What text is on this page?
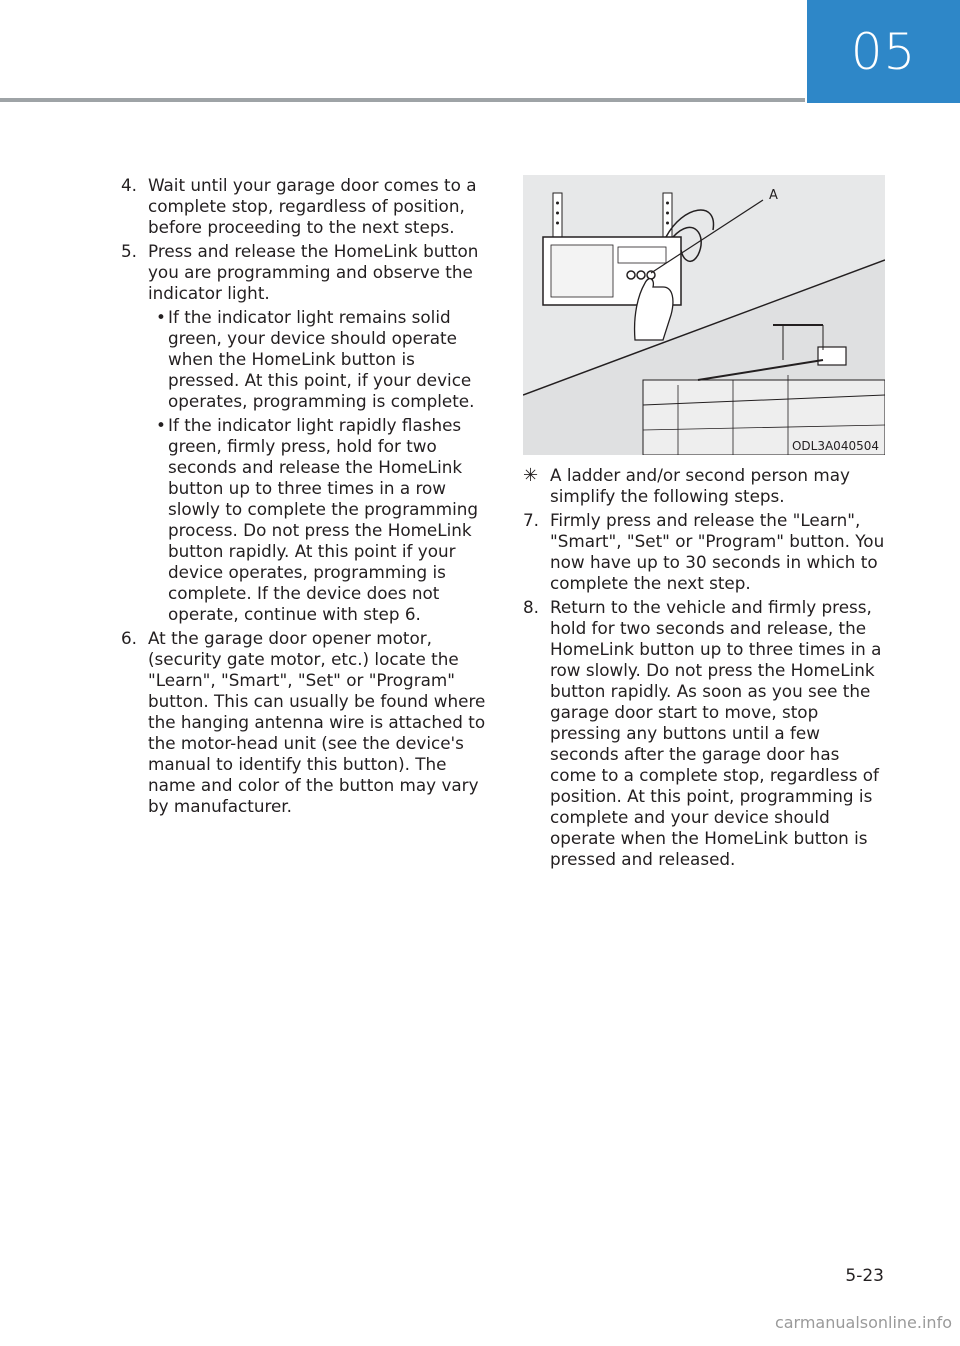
05
4. Wait until your garage door comes to a complete stop, regardless of position, before proceeding to the next steps.
5. Press and release the HomeLink button you are programming and observe the indicator light.
• If the indicator light remains solid green, your device should operate when the HomeLink button is pressed. At this point, if your device operates, programming is complete.
• If the indicator light rapidly flashes green, firmly press, hold for two seconds and release the HomeLink button up to three times in a row slowly to complete the programming process. Do not press the HomeLink button rapidly. At this point if your device operates, programming is complete. If the device does not operate, continue with step 6.
6. At the garage door opener motor, (security gate motor, etc.) locate the "Learn", "Smart", "Set" or "Program" button. This can usually be found where the hanging antenna wire is attached to the motor-head unit (see the device's manual to identify this button). The name and color of the button may vary by manufacturer.
A
ODL3A040504
✳ A ladder and/or second person may simplify the following steps.
7. Firmly press and release the "Learn", "Smart", "Set" or "Program" button. You now have up to 30 seconds in which to complete the next step.
8. Return to the vehicle and firmly press, hold for two seconds and release, the HomeLink button up to three times in a row slowly. Do not press the HomeLink button rapidly. As soon as you see the garage door start to move, stop pressing any buttons until a few seconds after the garage door has come to a complete stop, regardless of position. At this point, programming is complete and your device should operate when the HomeLink button is pressed and released.
5-23
carmanualsonline.info
